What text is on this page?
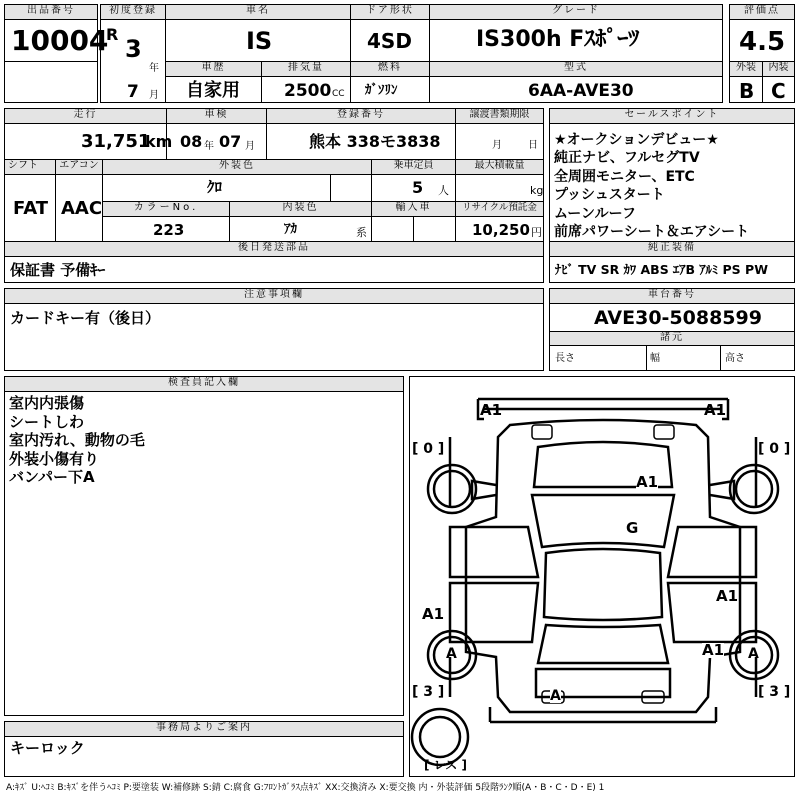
出品番号
10004
初度登録
R
3
年
7 月
車名
IS
ドア形状
4SD
グレード
IS300h Fｽﾎﾟｰﾂ
評価点
4.5
外装
B
内装
C
車歴
自家用
排気量
2500 CC
燃料
ｶﾞｿﾘﾝ
型式
6AA-AVE30
走行
31,751
km
車検
08 年 07 月
登録番号
熊本 338モ3838
譲渡書類期限
月	日
セールスポイント
★オークションデビュー★
純正ナビ、フルセグTV
全周囲モニター、ETC
プッシュスタート
ムーンルーフ
前席パワーシート＆エアシート
シフト
FAT
エアコン
AAC
外装色
ｸﾛ
乗車定員
5 人
最大積載量
kg
カラーNo.
223
内装色
ｱｶ	系
輸入車	リサイクル預託金
10,250 円
後日発送部品
保証書 予備ｷｰ
純正装備
ﾅﾋﾞ TV SR ｶﾜ ABS ｴｱB ｱﾙﾐ PS PW
注意事項欄
カードキー有（後日）
車台番号
AVE30-5088599
諸元
長さ	幅	高さ
検査員記入欄
室内内張傷
シートしわ
室内汚れ、動物の毛
外装小傷有り
バンパー下A
事務局よりご案内
キーロック
A1	A1
A1
G
A1
A1
A1
A	A
A
[ 0 ]	[ 0 ]
[ 3 ]	[ 3 ]
[ レス ]
A:ｷｽﾞ U:ﾍｺﾐ B:ｷｽﾞを伴うﾍｺﾐ P:要塗装 W:補修跡 S:錆 C:腐食 G:ﾌﾛﾝﾄｶﾞﾗｽ点ｷｽﾞ XX:交換済み X:要交換 内・外装評価 5段階ﾗﾝｸ順(A・B・C・D・E) 1
